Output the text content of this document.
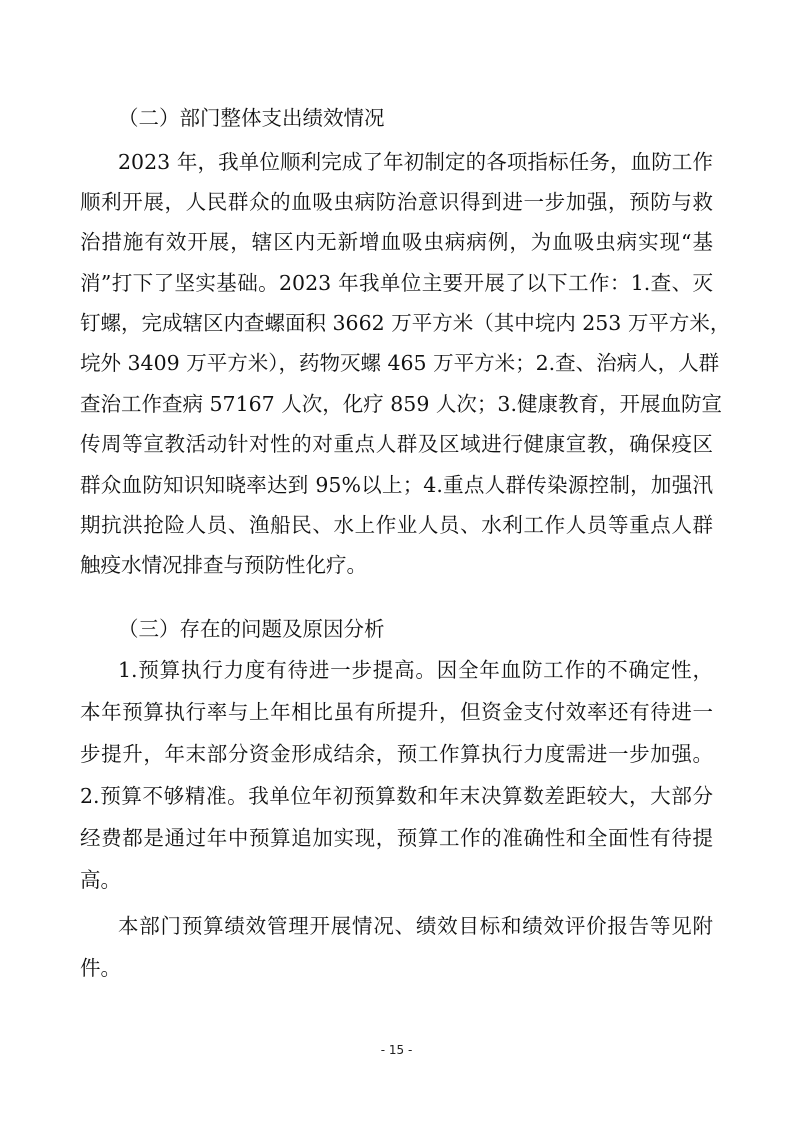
（二）部门整体支出绩效情况
2023 年，我单位顺利完成了年初制定的各项指标任务，血防工作
顺利开展，人民群众的血吸虫病防治意识得到进一步加强，预防与救
治措施有效开展，辖区内无新增血吸虫病病例，为血吸虫病实现“基
消”打下了坚实基础。2023 年我单位主要开展了以下工作：1.查、灭
钉螺，完成辖区内查螺面积 3662 万平方米（其中垸内 253 万平方米，
垸外 3409 万平方米），药物灭螺 465 万平方米；2.查、治病人，人群
查治工作查病 57167 人次，化疗 859 人次；3.健康教育，开展血防宣
传周等宣教活动针对性的对重点人群及区域进行健康宣教，确保疫区
群众血防知识知晓率达到 95%以上；4.重点人群传染源控制，加强汛
期抗洪抢险人员、渔船民、水上作业人员、水利工作人员等重点人群
触疫水情况排查与预防性化疗。
（三）存在的问题及原因分析
1.预算执行力度有待进一步提高。因全年血防工作的不确定性，
本年预算执行率与上年相比虽有所提升，但资金支付效率还有待进一
步提升，年末部分资金形成结余，预工作算执行力度需进一步加强。
2.预算不够精准。我单位年初预算数和年末决算数差距较大，大部分
经费都是通过年中预算追加实现，预算工作的准确性和全面性有待提
高。
本部门预算绩效管理开展情况、绩效目标和绩效评价报告等见附
件。
- 15 -
